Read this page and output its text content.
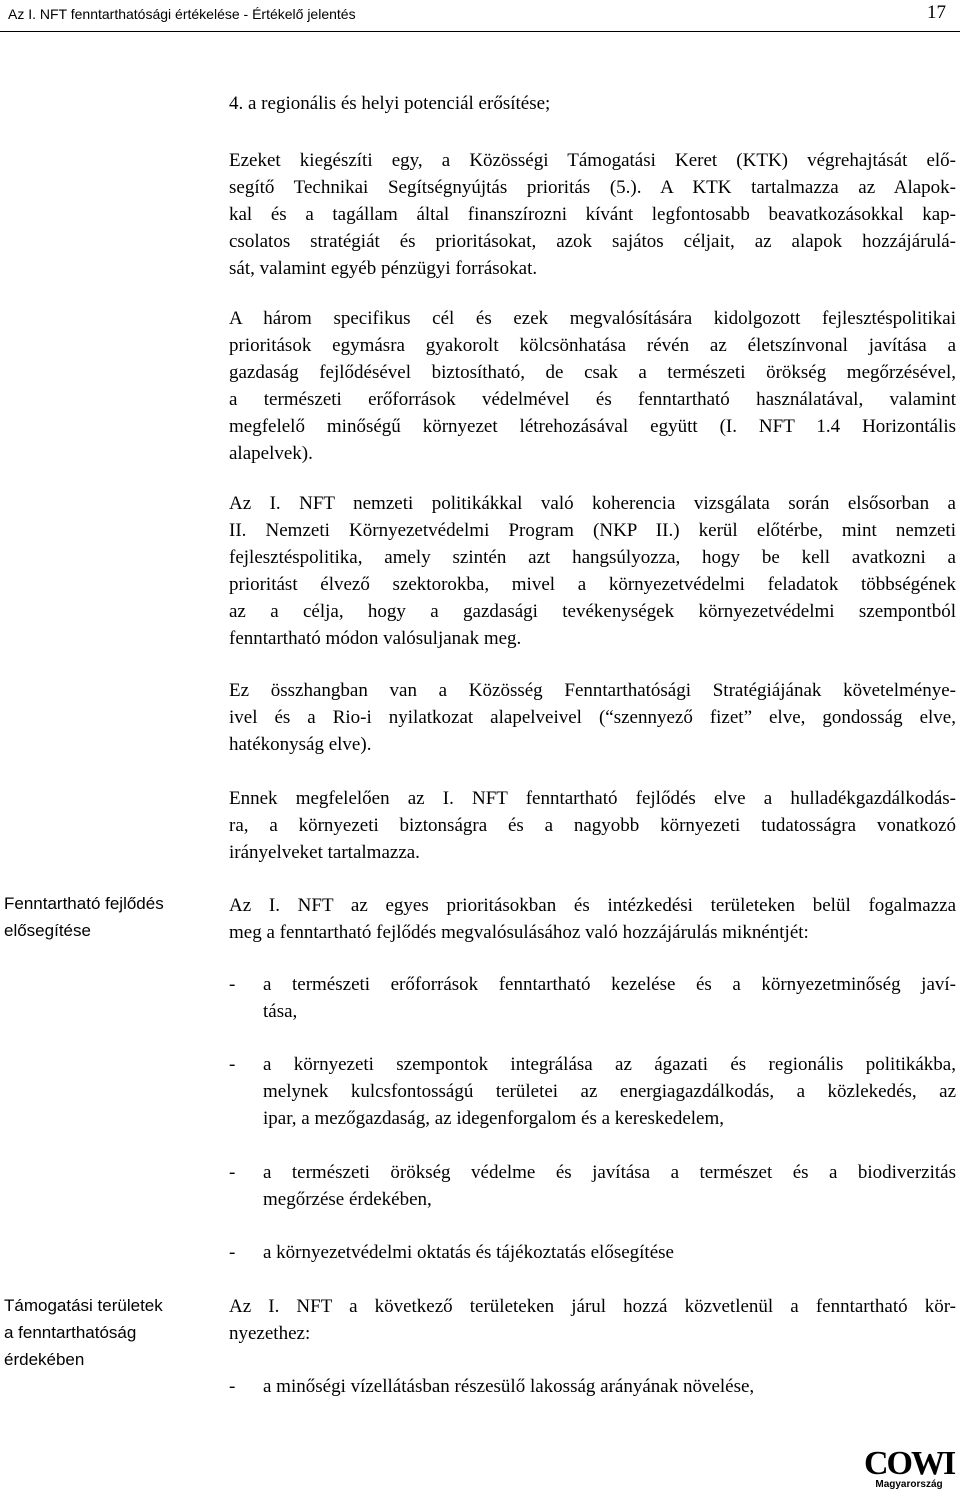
Az I. NFT fenntarthatósági értékelése - Értékelő jelentés	17
4. a regionális és helyi potenciál erősítése;
Ezeket kiegészíti egy, a Közösségi Támogatási Keret (KTK) végrehajtását elő-
segítő Technikai Segítségnyújtás prioritás (5.). A KTK tartalmazza az Alapok-
kal és a tagállam által finanszírozni kívánt legfontosabb beavatkozásokkal kap-
csolatos stratégiát és prioritásokat, azok sajátos céljait, az alapok hozzájárulá-
sát, valamint egyéb pénzügyi forrásokat.
A három specifikus cél és ezek megvalósítására kidolgozott fejlesztéspolitikai
prioritások egymásra gyakorolt kölcsönhatása révén az életszínvonal javítása a
gazdaság fejlődésével biztosítható, de csak a természeti örökség megőrzésével,
a természeti erőforrások védelmével és fenntartható használatával, valamint
megfelelő minőségű környezet létrehozásával együtt (I. NFT 1.4 Horizontális
alapelvek).
Az I. NFT nemzeti politikákkal való koherencia vizsgálata során elsősorban a
II. Nemzeti Környezetvédelmi Program (NKP II.) kerül előtérbe, mint nemzeti
fejlesztéspolitika, amely szintén azt hangsúlyozza, hogy be kell avatkozni a
prioritást élvező szektorokba, mivel a környezetvédelmi feladatok többségének
az a célja, hogy a gazdasági tevékenységek környezetvédelmi szempontból
fenntartható módon valósuljanak meg.
Ez összhangban van a Közösség Fenntarthatósági Stratégiájának követelménye-
ivel és a Rio-i nyilatkozat alapelveivel (“szennyező fizet” elve, gondosság elve,
hatékonyság elve).
Ennek megfelelően az I. NFT fenntartható fejlődés elve a hulladékgazdálkodás-
ra, a környezeti biztonságra és a nagyobb környezeti tudatosságra vonatkozó
irányelveket tartalmazza.
Fenntartható fejlődés
elősegítése
Az I. NFT az egyes prioritásokban és intézkedési területeken belül fogalmazza
meg a fenntartható fejlődés megvalósulásához való hozzájárulás miknéntjét:
- a természeti erőforrások fenntartható kezelése és a környezetminőség javí-
tása,
- a környezeti szempontok integrálása az ágazati és regionális politikákba,
melynek kulcsfontosságú területei az energiagazdálkodás, a közlekedés, az
ipar, a mezőgazdaság, az idegenforgalom és a kereskedelem,
- a természeti örökség védelme és javítása a természet és a biodiverzitás
megőrzése érdekében,
- a környezetvédelmi oktatás és tájékoztatás elősegítése
Támogatási területek
a fenntarthatóság
érdekében
Az I. NFT a következő területeken járul hozzá közvetlenül a fenntartható kör-
nyezethez:
- a minőségi vízellátásban részesülő lakosság arányának növelése,
COWI
Magyarország
